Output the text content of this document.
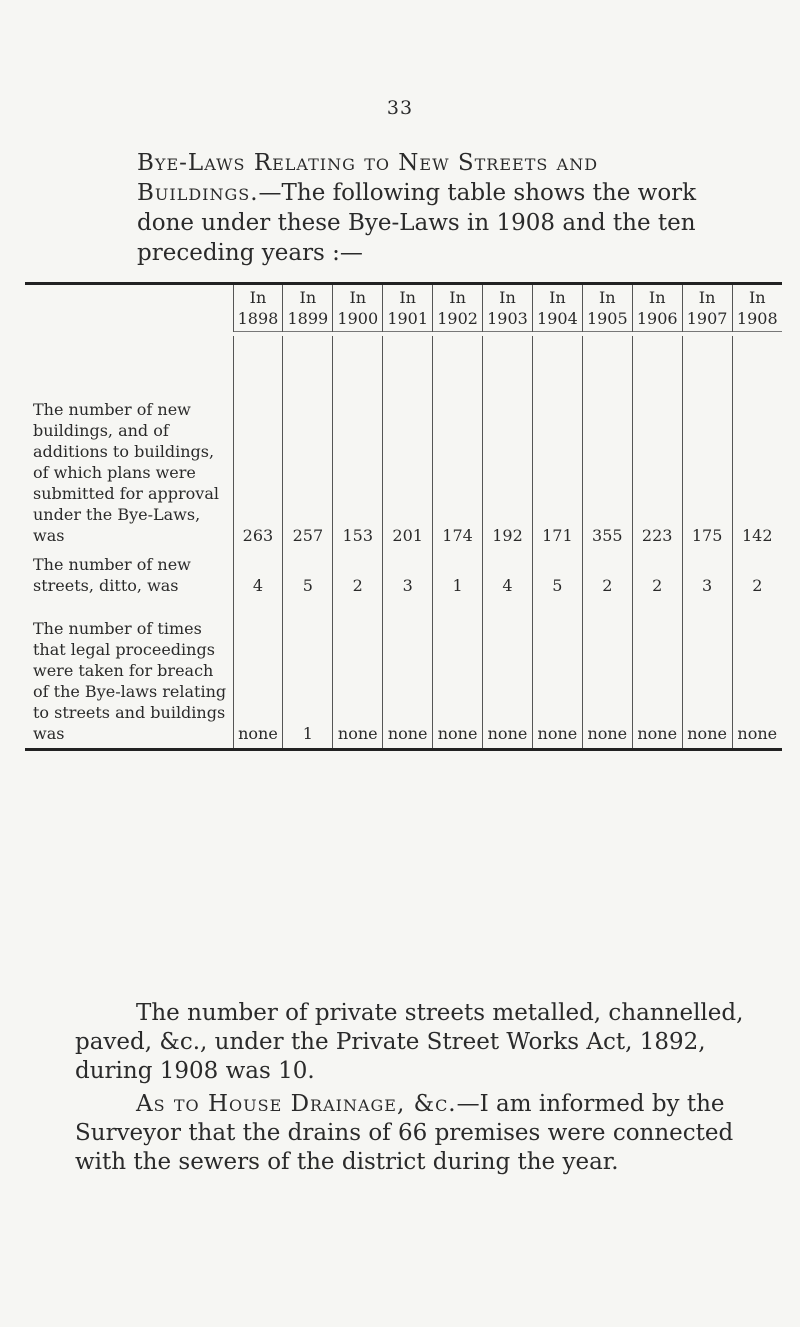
33
Bye-Laws Relating to New Streets and Buildings.—The following table shows the work done under these Bye-Laws in 1908 and the ten preceding years :—
	In 1898	In 1899	In 1900	In 1901	In 1902	In 1903	In 1904	In 1905	In 1906	In 1907	In 1908

The number of new buildings, and of additions to buildings, of which plans were submitted for approval under the Bye-Laws, was	263	257	153	201	174	192	171	355	223	175	142
The number of new streets, ditto, was	4	5	2	3	1	4	5	2	2	3	2
The number of times that legal proceedings were taken for breach of the Bye-laws relating to streets and buildings was	none	1	none	none	none	none	none	none	none	none	none
The number of private streets metalled, channelled, paved, &c., under the Private Street Works Act, 1892, during 1908 was 10.
As to House Drainage, &c.—I am informed by the Surveyor that the drains of 66 premises were connected with the sewers of the district during the year.
